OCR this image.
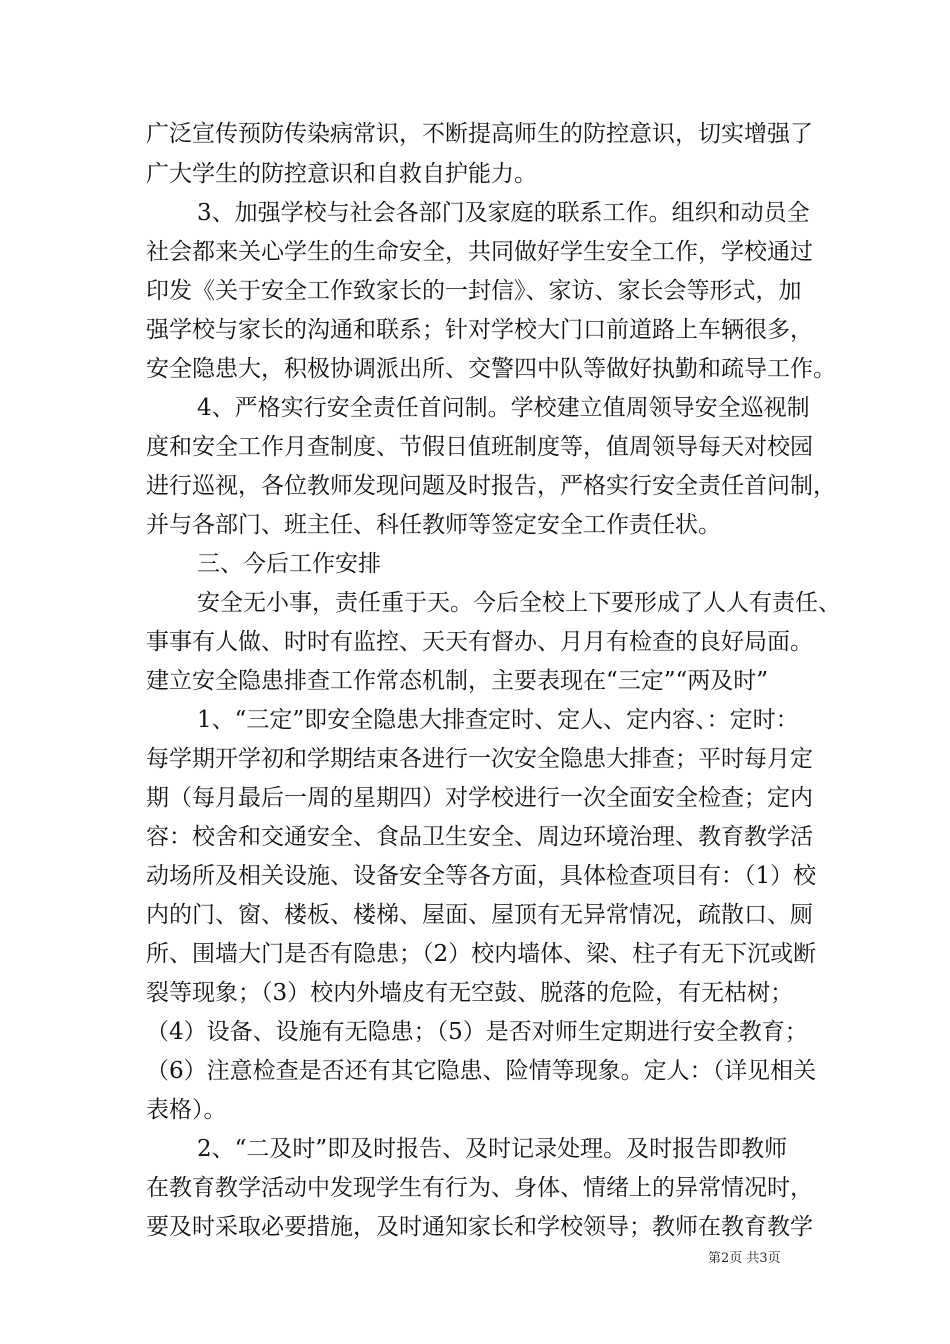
广泛宣传预防传染病常识，不断提高师生的防控意识，切实增强了

广大学生的防控意识和自救自护能力。

3、加强学校与社会各部门及家庭的联系工作。组织和动员全

社会都来关心学生的生命安全，共同做好学生安全工作，学校通过

印发《关于安全工作致家长的一封信》、家访、家长会等形式，加

强学校与家长的沟通和联系；针对学校大门口前道路上车辆很多，

安全隐患大，积极协调派出所、交警四中队等做好执勤和疏导工作。

4、严格实行安全责任首问制。学校建立值周领导安全巡视制

度和安全工作月查制度、节假日值班制度等，值周领导每天对校园

进行巡视，各位教师发现问题及时报告，严格实行安全责任首问制，

并与各部门、班主任、科任教师等签定安全工作责任状。

三、今后工作安排

安全无小事，责任重于天。今后全校上下要形成了人人有责任、

事事有人做、时时有监控、天天有督办、月月有检查的良好局面。

建立安全隐患排查工作常态机制，主要表现在“三定”“两及时”

1、“三定”即安全隐患大排查定时、定人、定内容、：定时：

每学期开学初和学期结束各进行一次安全隐患大排查；平时每月定

期（每月最后一周的星期四）对学校进行一次全面安全检查；定内

容：校舍和交通安全、食品卫生安全、周边环境治理、教育教学活

动场所及相关设施、设备安全等各方面，具体检查项目有：（1）校

内的门、窗、楼板、楼梯、屋面、屋顶有无异常情况，疏散口、厕

所、围墙大门是否有隐患；（2）校内墙体、梁、柱子有无下沉或断

裂等现象；（3）校内外墙皮有无空鼓、脱落的危险，有无枯树；

（4）设备、设施有无隐患；（5）是否对师生定期进行安全教育；

（6）注意检查是否还有其它隐患、险情等现象。定人：（详见相关

表格）。

2、“二及时”即及时报告、及时记录处理。及时报告即教师

在教育教学活动中发现学生有行为、身体、情绪上的异常情况时，

要及时采取必要措施，及时通知家长和学校领导；教师在教育教学

第2页 共3页
